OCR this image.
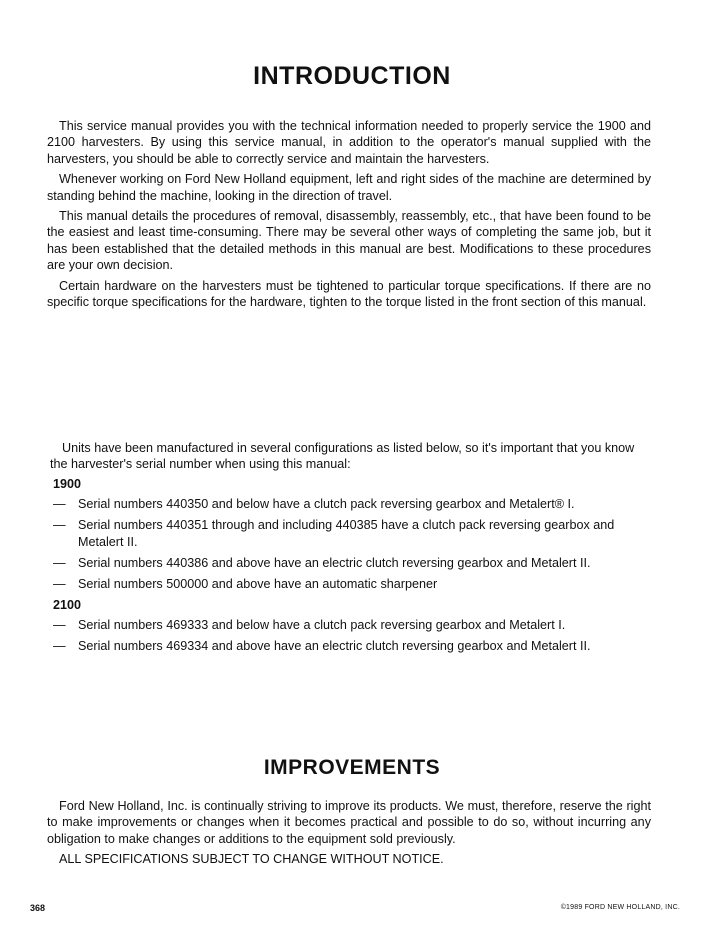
INTRODUCTION

This service manual provides you with the technical information needed to properly service the 1900 and 2100 harvesters. By using this service manual, in addition to the operator's manual supplied with the harvesters, you should be able to correctly service and maintain the harvesters.

Whenever working on Ford New Holland equipment, left and right sides of the machine are determined by standing behind the machine, looking in the direction of travel.

This manual details the procedures of removal, disassembly, reassembly, etc., that have been found to be the easiest and least time-consuming. There may be several other ways of completing the same job, but it has been established that the detailed methods in this manual are best. Modifications to these procedures are your own decision.

Certain hardware on the harvesters must be tightened to particular torque specifications. If there are no specific torque specifications for the hardware, tighten to the torque listed in the front section of this manual.

Units have been manufactured in several configurations as listed below, so it's important that you know the harvester's serial number when using this manual:

1900
— Serial numbers 440350 and below have a clutch pack reversing gearbox and Metalert® I.
— Serial numbers 440351 through and including 440385 have a clutch pack reversing gearbox and Metalert II.
— Serial numbers 440386 and above have an electric clutch reversing gearbox and Metalert II.
— Serial numbers 500000 and above have an automatic sharpener
2100
— Serial numbers 469333 and below have a clutch pack reversing gearbox and Metalert I.
— Serial numbers 469334 and above have an electric clutch reversing gearbox and Metalert II.
IMPROVEMENTS

Ford New Holland, Inc. is continually striving to improve its products. We must, therefore, reserve the right to make improvements or changes when it becomes practical and possible to do so, without incurring any obligation to make changes or additions to the equipment sold previously.

ALL SPECIFICATIONS SUBJECT TO CHANGE WITHOUT NOTICE.

368	©1989 FORD NEW HOLLAND, INC.
